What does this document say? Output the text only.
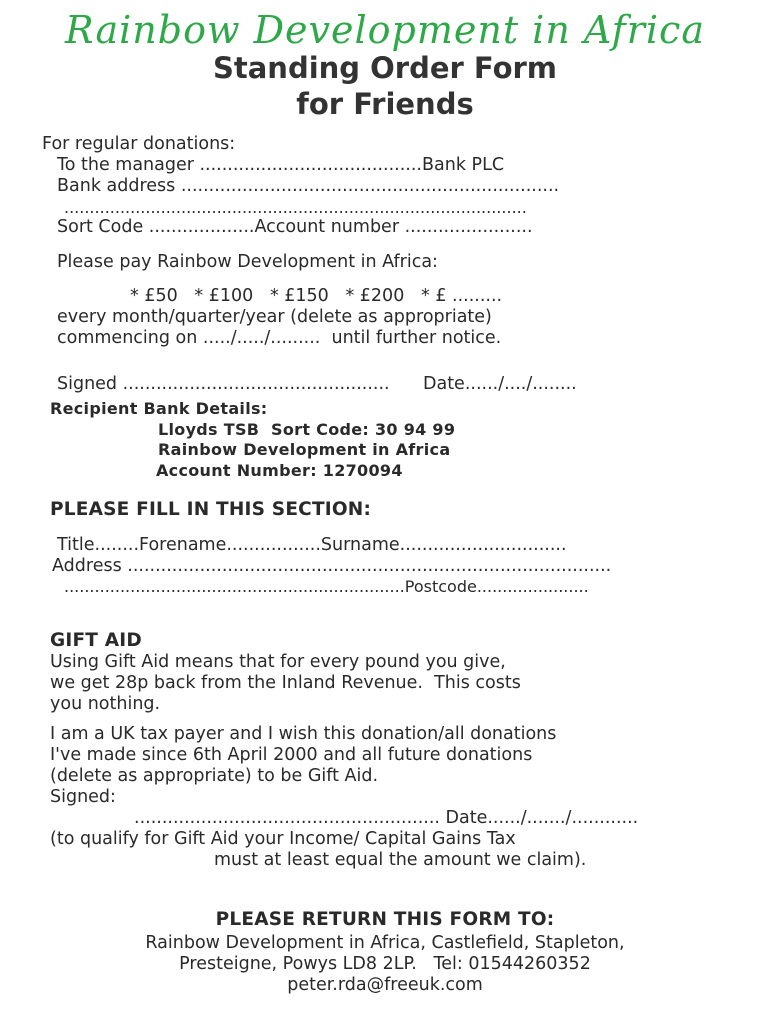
Rainbow Development in Africa
Standing Order Form
for Friends
For regular donations:
To the manager ........................................Bank PLC
Bank address ....................................................................
...........................................................................................
Sort Code ...................Account number .......................
Please pay Rainbow Development in Africa:
* £50   * £100   * £150   * £200   * £ .........
every month/quarter/year (delete as appropriate)
commencing on ...../...../.........  until further notice.
Signed ................................................      Date....../..../........
Recipient Bank Details:
Lloyds TSB  Sort Code: 30 94 99
Rainbow Development in Africa
Account Number: 1270094
PLEASE FILL IN THIS SECTION:
Title........Forename.................Surname..............................
Address .......................................................................................
...................................................................Postcode......................
GIFT AID
Using Gift Aid means that for every pound you give,
we get 28p back from the Inland Revenue.  This costs
you nothing.
I am a UK tax payer and I wish this donation/all donations
I've made since 6th April 2000 and all future donations
(delete as appropriate) to be Gift Aid.
Signed:
....................................................... Date....../......./............
(to qualify for Gift Aid your Income/ Capital Gains Tax
must at least equal the amount we claim).
PLEASE RETURN THIS FORM TO:
Rainbow Development in Africa, Castlefield, Stapleton,
Presteigne, Powys LD8 2LP.   Tel: 01544260352
peter.rda@freeuk.com
